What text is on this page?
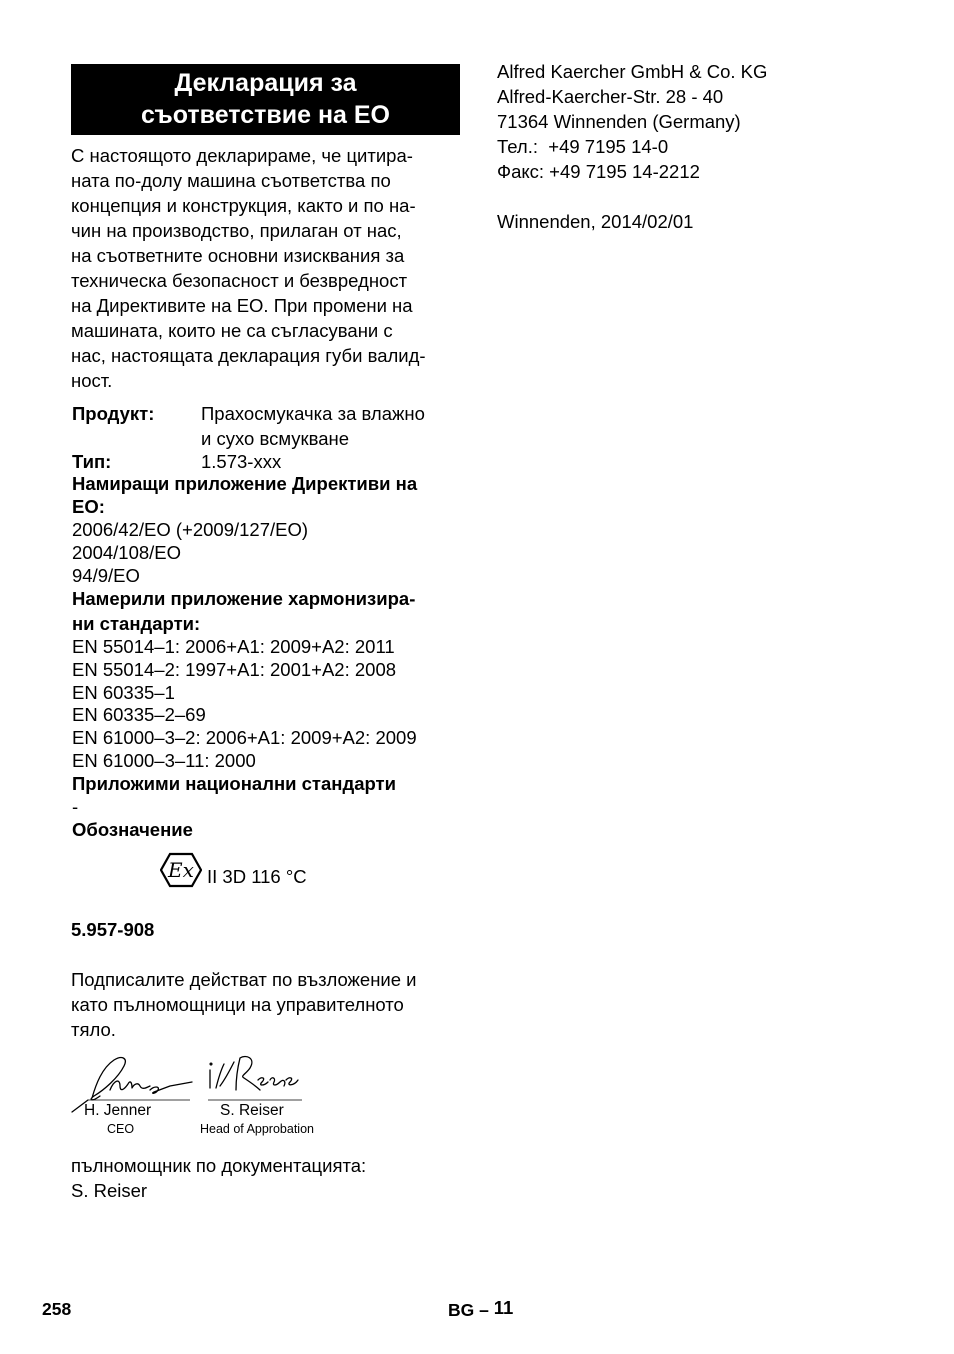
Декларация за
съответствие на ЕО
С настоящото декларираме, че цитира-
ната по-долу машина съответства по
концепция и конструкция, както и по на-
чин на производство, прилаган от нас,
на съответните основни изисквания за
техническа безопасност и безвредност
на Директивите на ЕО. При промени на
машината, които не са съгласувани с
нас, настоящата декларация губи валид-
ност.
Продукт:	Прахосмукачка за влажно
и сухо всмукване
Тип:	1.573-xxx
Намиращи приложение Директиви на
ЕО:
2006/42/EO (+2009/127/EO)
2004/108/EO
94/9/EO
Намерили приложение хармонизира-
ни стандарти:
EN 55014–1: 2006+A1: 2009+A2: 2011
EN 55014–2: 1997+A1: 2001+A2: 2008
EN 60335–1
EN 60335–2–69
EN 61000–3–2: 2006+A1: 2009+A2: 2009
EN 61000–3–11: 2000
Приложими национални стандарти
-
Обозначение
Ex II 3D 116 °C
5.957-908
Подписалите действат по възложение и
като пълномощници на управителното
тяло.
H. Jenner
CEO
S. Reiser
Head of Approbation
пълномощник по документацията:
S. Reiser
Alfred Kaercher GmbH & Co. KG
Alfred-Kaercher-Str. 28 - 40
71364 Winnenden (Germany)
Тел.:  +49 7195 14-0
Факс: +49 7195 14-2212
Winnenden, 2014/02/01
258	BG – 11
